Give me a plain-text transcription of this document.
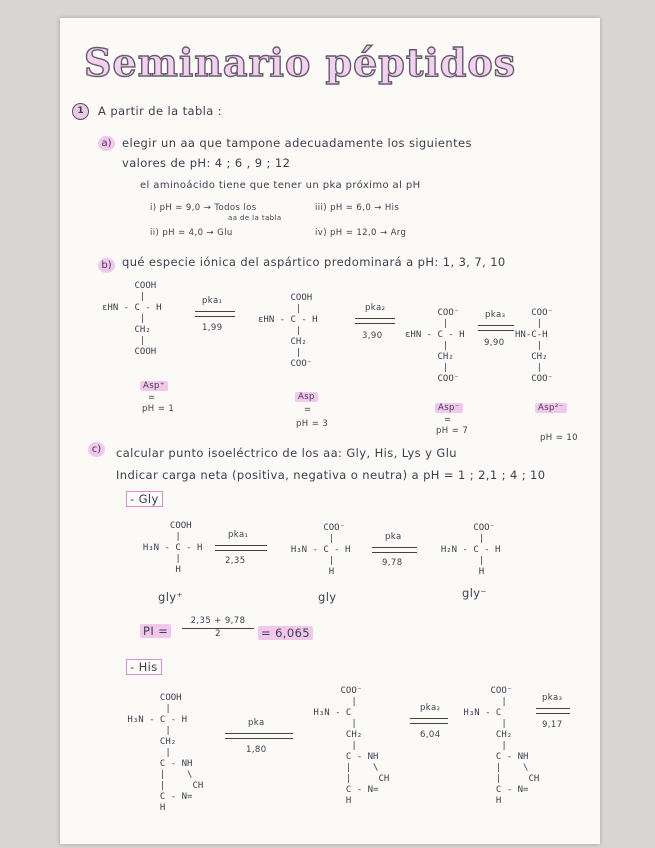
Seminario péptidos
1	A partir de la tabla :
a) elegir un aa que tampone adecuadamente los siguientes
valores de pH: 4 ; 6 , 9 ; 12
el aminoácido tiene que tener un pka próximo al pH
i) pH = 9,0 → Todos los
aa de la tabla
ii) pH = 4,0 → Glu
iii) pH = 6,0 → His
iv) pH = 12,0 → Arg
b) qué especie iónica del aspártico predominará a pH: 1, 3, 7, 10
COOH
|
ɛHN - C - H
|
CH₂
|
COOH
pka₁
1,99
COOH
|
ɛHN - C - H
|
CH₂
|
COO⁻
pka₂
3,90
COO⁻
|
ɛHN - C - H
|
CH₂
|
COO⁻
pka₃
9,90
COO⁻
|
HN-C-H
|
CH₂
|
COO⁻
Asp⁺
=
pH = 1
Asp
=
pH = 3
Asp⁻
=
pH = 7
Asp²⁻
pH = 10
c)	calcular punto isoeléctrico de los aa: Gly, His, Lys y Glu
Indicar carga neta (positiva, negativa o neutra) a pH = 1 ; 2,1 ; 4 ; 10
- Gly
COOH
|
H₃N - C - H
|
H
pka₁
2,35
COO⁻
|
H₃N - C - H
|
H
pka
9,78
COO⁻
|
H₂N - C - H
|
H
gly⁺	gly	gly⁻
PI =
2,35 + 9,78
2	= 6,065
- His
COOH
|
H₃N - C - H
|
CH₂
|
C - NH
|    \
|     CH
C - N=
H
pka
1,80
COO⁻
|
H₃N - C
|
CH₂
|
C - NH
|    \
|     CH
C - N=
H
pka₂
6,04
COO⁻
|
H₃N - C
|
CH₂
|
C - NH
|    \
|     CH
C - N=
H
pka₃
9,17
